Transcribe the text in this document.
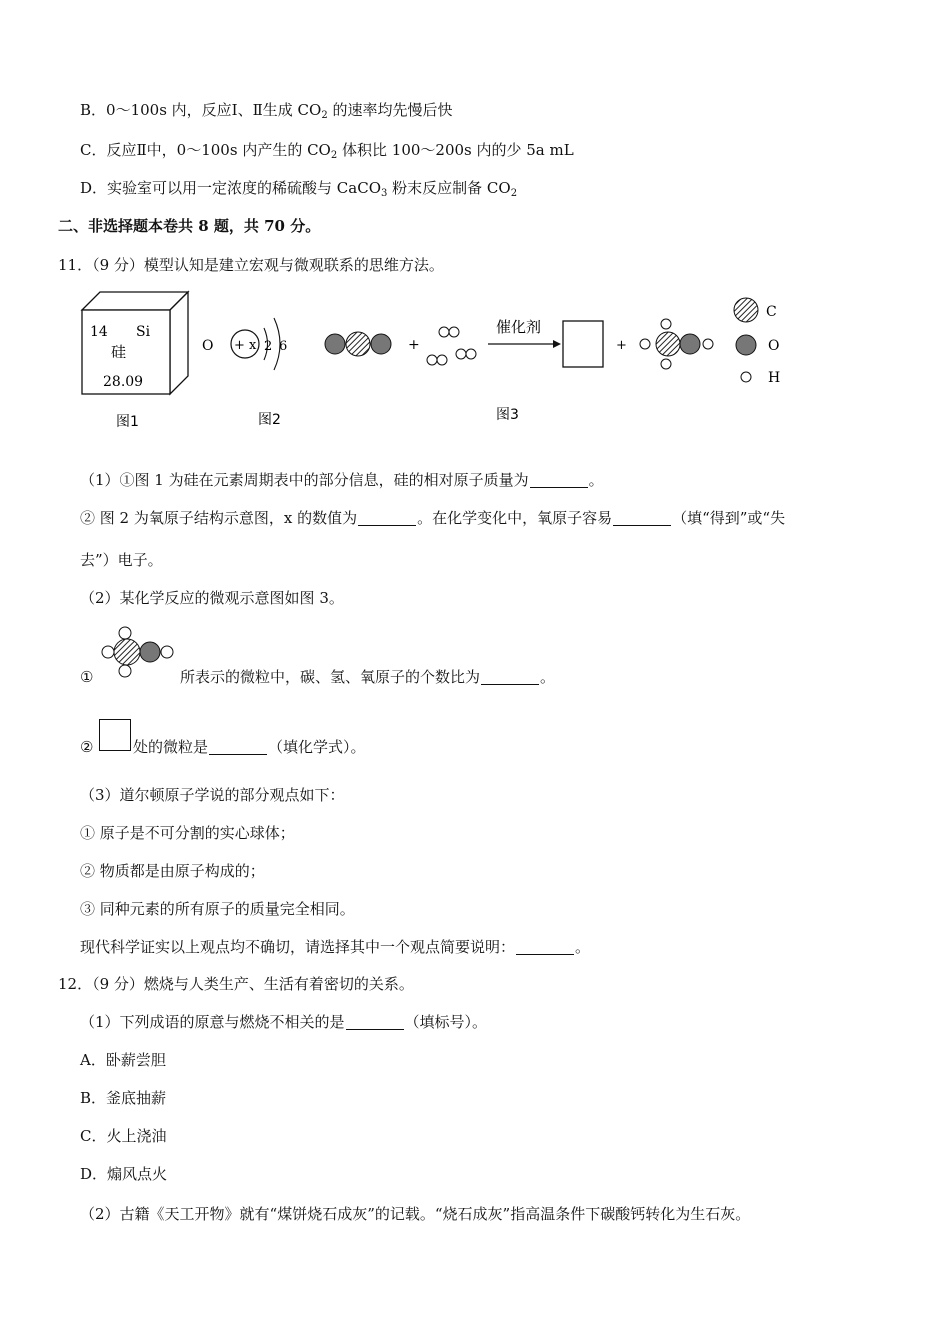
B．0～100s 内，反应Ⅰ、Ⅱ生成 $CO_2$ 的速率均先慢后快
C．反应Ⅱ中，0～100s 内产生的 $CO_2$ 体积比 100～200s 内的少 5a mL
D．实验室可以用一定浓度的稀硫酸与 CaCO$_3$ 粉末反应制备 $CO_2$
二、非选择题本卷共 8 题，共 70 分。
11．（9 分）模型认知是建立宏观与微观联系的思维方法。
14 Si
硅
28.09
图1
O + x 2 6
图2
+
催化剂
+
图3
C
O
H
（1）①图 1 为硅在元素周期表中的部分信息，硅的相对原子质量为	。
② 图 2 为氧原子结构示意图，x 的数值为	。在化学变化中，氧原子容易	（填“得到”或“失
去”）电子。
（2）某化学反应的微观示意图如图 3。
①	所表示的微粒中，碳、氢、氧原子的个数比为	。
②	处的微粒是	（填化学式）。
（3）道尔顿原子学说的部分观点如下：
① 原子是不可分割的实心球体；
② 物质都是由原子构成的；
③ 同种元素的所有原子的质量完全相同。
现代科学证实以上观点均不确切，请选择其中一个观点简要说明：	。
12．（9 分）燃烧与人类生产、生活有着密切的关系。
（1）下列成语的原意与燃烧不相关的是	（填标号）。
A．卧薪尝胆
B．釜底抽薪
C．火上浇油
D．煽风点火
（2）古籍《天工开物》就有“煤饼烧石成灰”的记载。“烧石成灰”指高温条件下碳酸钙转化为生石灰。
